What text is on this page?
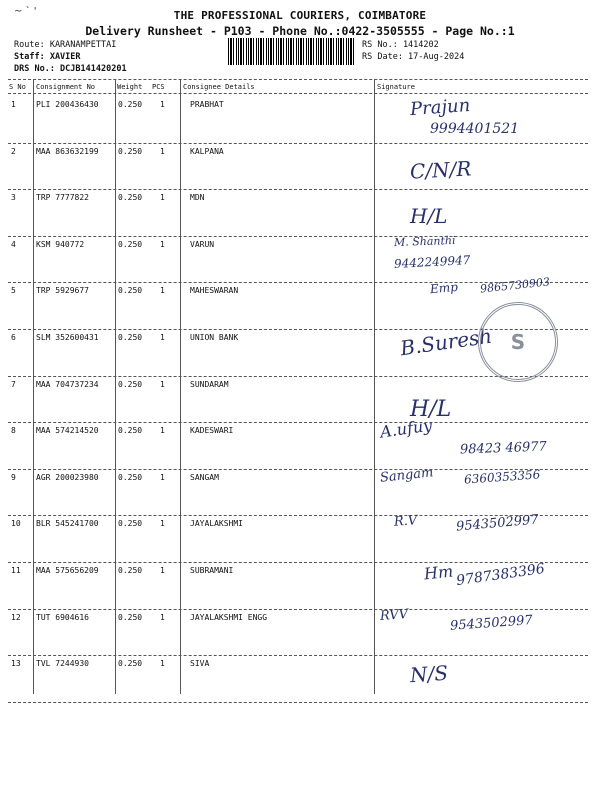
~ ` '	THE PROFESSIONAL COURIERS, COIMBATORE
Delivery Runsheet - P103 - Phone No.:0422-3505555 - Page No.:1
Route: KARANAMPETTAI
Staff: XAVIER
DRS No.: DCJB141420201
RS No.: 1414202
RS Date: 17-Aug-2024
S No Consignment No	Weight PCS	Consignee Details	Signature
1	PLI 200436430 0.250 1	PRABHAT	Prajun
9994401521
2	MAA 863632199 0.250 1	KALPANA
C/N/R
3	TRP 7777822	0.250 1	MDN
H/L
4	KSM 940772	0.250 1	VARUN	M. Shanthi
9442249947
5	TRP 5929677	0.250 1	MAHESWARAN	Emp 9865730903
6	SLM 352600431 0.250 1	UNION BANK	B.Suresh
7	MAA 704737234 0.250 1	SUNDARAM
H/L
8	MAA 574214520 0.250 1	KADESWARI	A.ufuy
98423 46977
9	AGR 200023980 0.250 1	SANGAM	Sangam 6360353356
10 BLR 545241700 0.250 1	JAYALAKSHMI	R.V	9543502997
11 MAA 575656209 0.250 1	SUBRAMANI	Hm 9787383396
12 TUT 6904616	0.250 1	JAYALAKSHMI ENGG	RVV	9543502997
13 TVL 7244930	0.250 1	SIVA	N/S
S
